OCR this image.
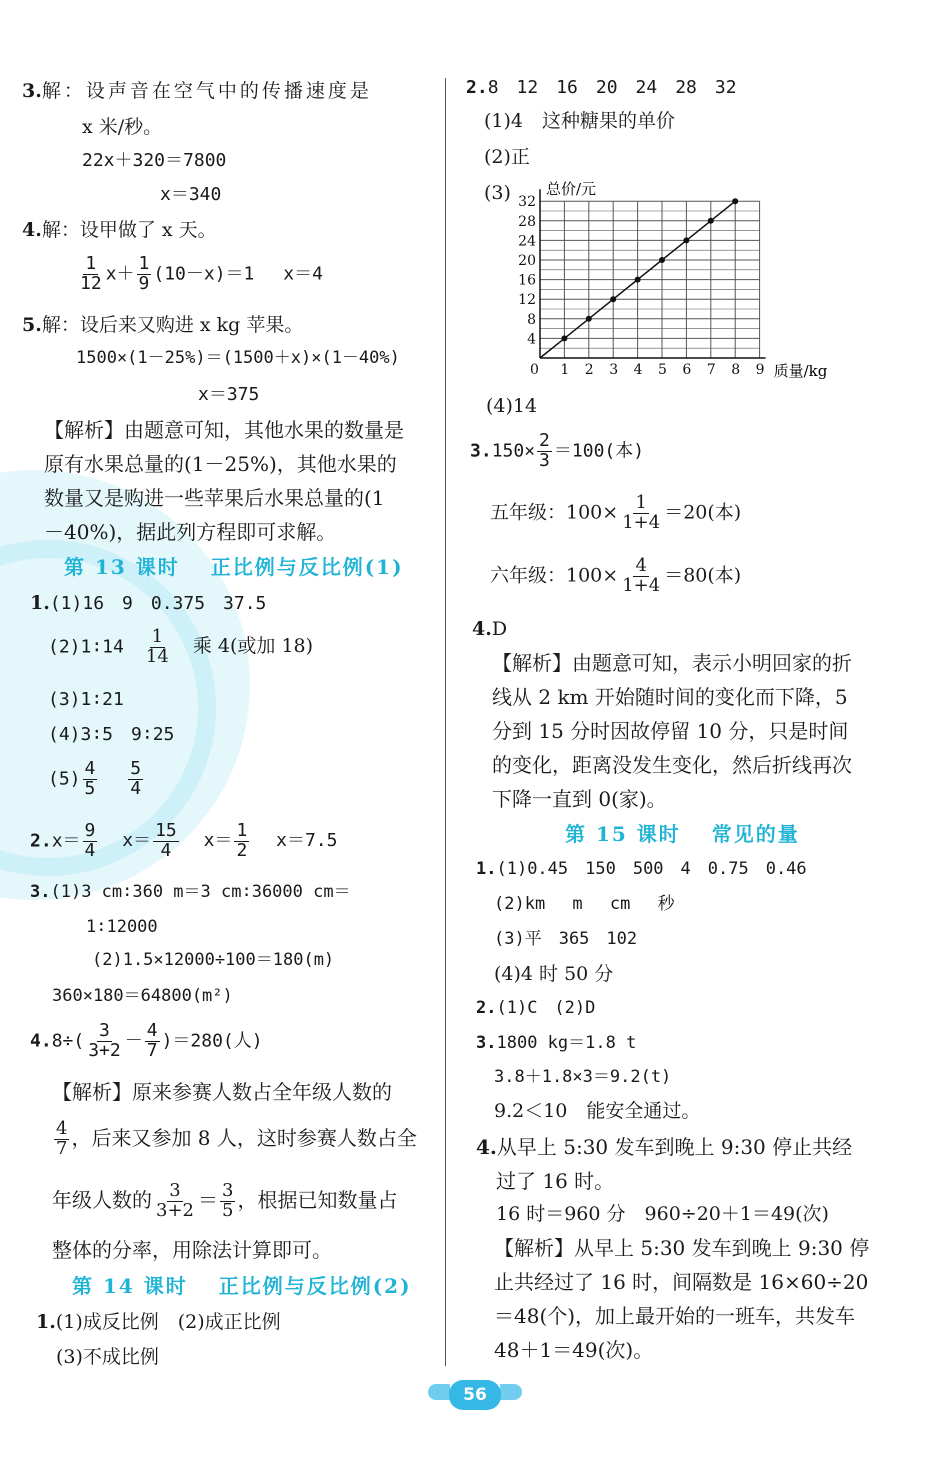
3.解：设声音在空气中的传播速度是
x 米/秒。
22x＋320＝7800
x＝340
4.解：设甲做了 x 天。
$\frac{1}{12} x+ \frac{1}{9} (10-x)=1$　 x＝4
5.解：设后来又购进 x kg 苹果。
1500×(1－25%)＝(1500＋x)×(1－40%)
x＝375
【解析】由题意可知，其他水果的数量是
原有水果总量的(1－25%)，其他水果的
数量又是购进一些苹果后水果总量的(1
－40%)，据此列方程即可求解。
第 13 课时　 正比例与反比例(1)
1.(1)16　9　0.375　37.5
(2)1∶14 $\frac{1}{14}$ 乘 4(或加 18)
(3)1∶21
(4)3∶5　9∶25
$(5) \frac{4}{5}$
$\frac{5}{4}$
$2.x= \frac{9}{4} x= \frac{15}{4} x= \frac{1}{2} x=7.5$
3.(1)3 cm∶360 m＝3 cm∶36000 cm＝
1∶12000
(2)1.5×12000÷100＝180(m)
360×180＝64800(m²)
$4.8\div( \frac{3}{3+2} - \frac{4}{7} )=280$(人)
【解析】原来参赛人数占全年级人数的
$\frac{4}{7}$ ，后来又参加 8 人，这时参赛人数占全
年级人数的 $\frac{3}{3+2} = \frac{3}{5}$ ，根据已知数量占
整体的分率，用除法计算即可。
第 14 课时　 正比例与反比例(2)
1.(1)成反比例　(2)成正比例
(3)不成比例
2.8　12　16　20　24　28　32
(1)4　这种糖果的单价
(2)正
(3)
0 1 2 3 4 5 6 7 8 9
4
8
12
16
20
24
28
32
总价/元
质量/kg
(4)14
$3.150\times \frac{2}{3} =100$(本)
五年级：$100\times \frac{1}{1+4} =20$(本)
六年级：$100\times \frac{4}{1+4} =80$(本)
4.D
【解析】由题意可知，表示小明回家的折
线从 2 km 开始随时间的变化而下降，5
分到 15 分时因故停留 10 分，只是时间
的变化，距离没发生变化，然后折线再次
下降一直到 0(家)。
第 15 课时　 常见的量
1.(1)0.45　150　500　4　0.75　0.46
(2)km　 m　 cm　 秒
(3)平　365　102
(4)4 时 50 分
2.(1)C　(2)D
3.1800 kg＝1.8 t
3.8＋1.8×3＝9.2(t)
9.2＜10　能安全通过。
4.从早上 5:30 发车到晚上 9:30 停止共经
过了 16 时。
16 时＝960 分　960÷20＋1＝49(次)
【解析】从早上 5:30 发车到晚上 9:30 停
止共经过了 16 时，间隔数是 16×60÷20
＝48(个)，加上最开始的一班车，共发车
48＋1＝49(次)。
56
